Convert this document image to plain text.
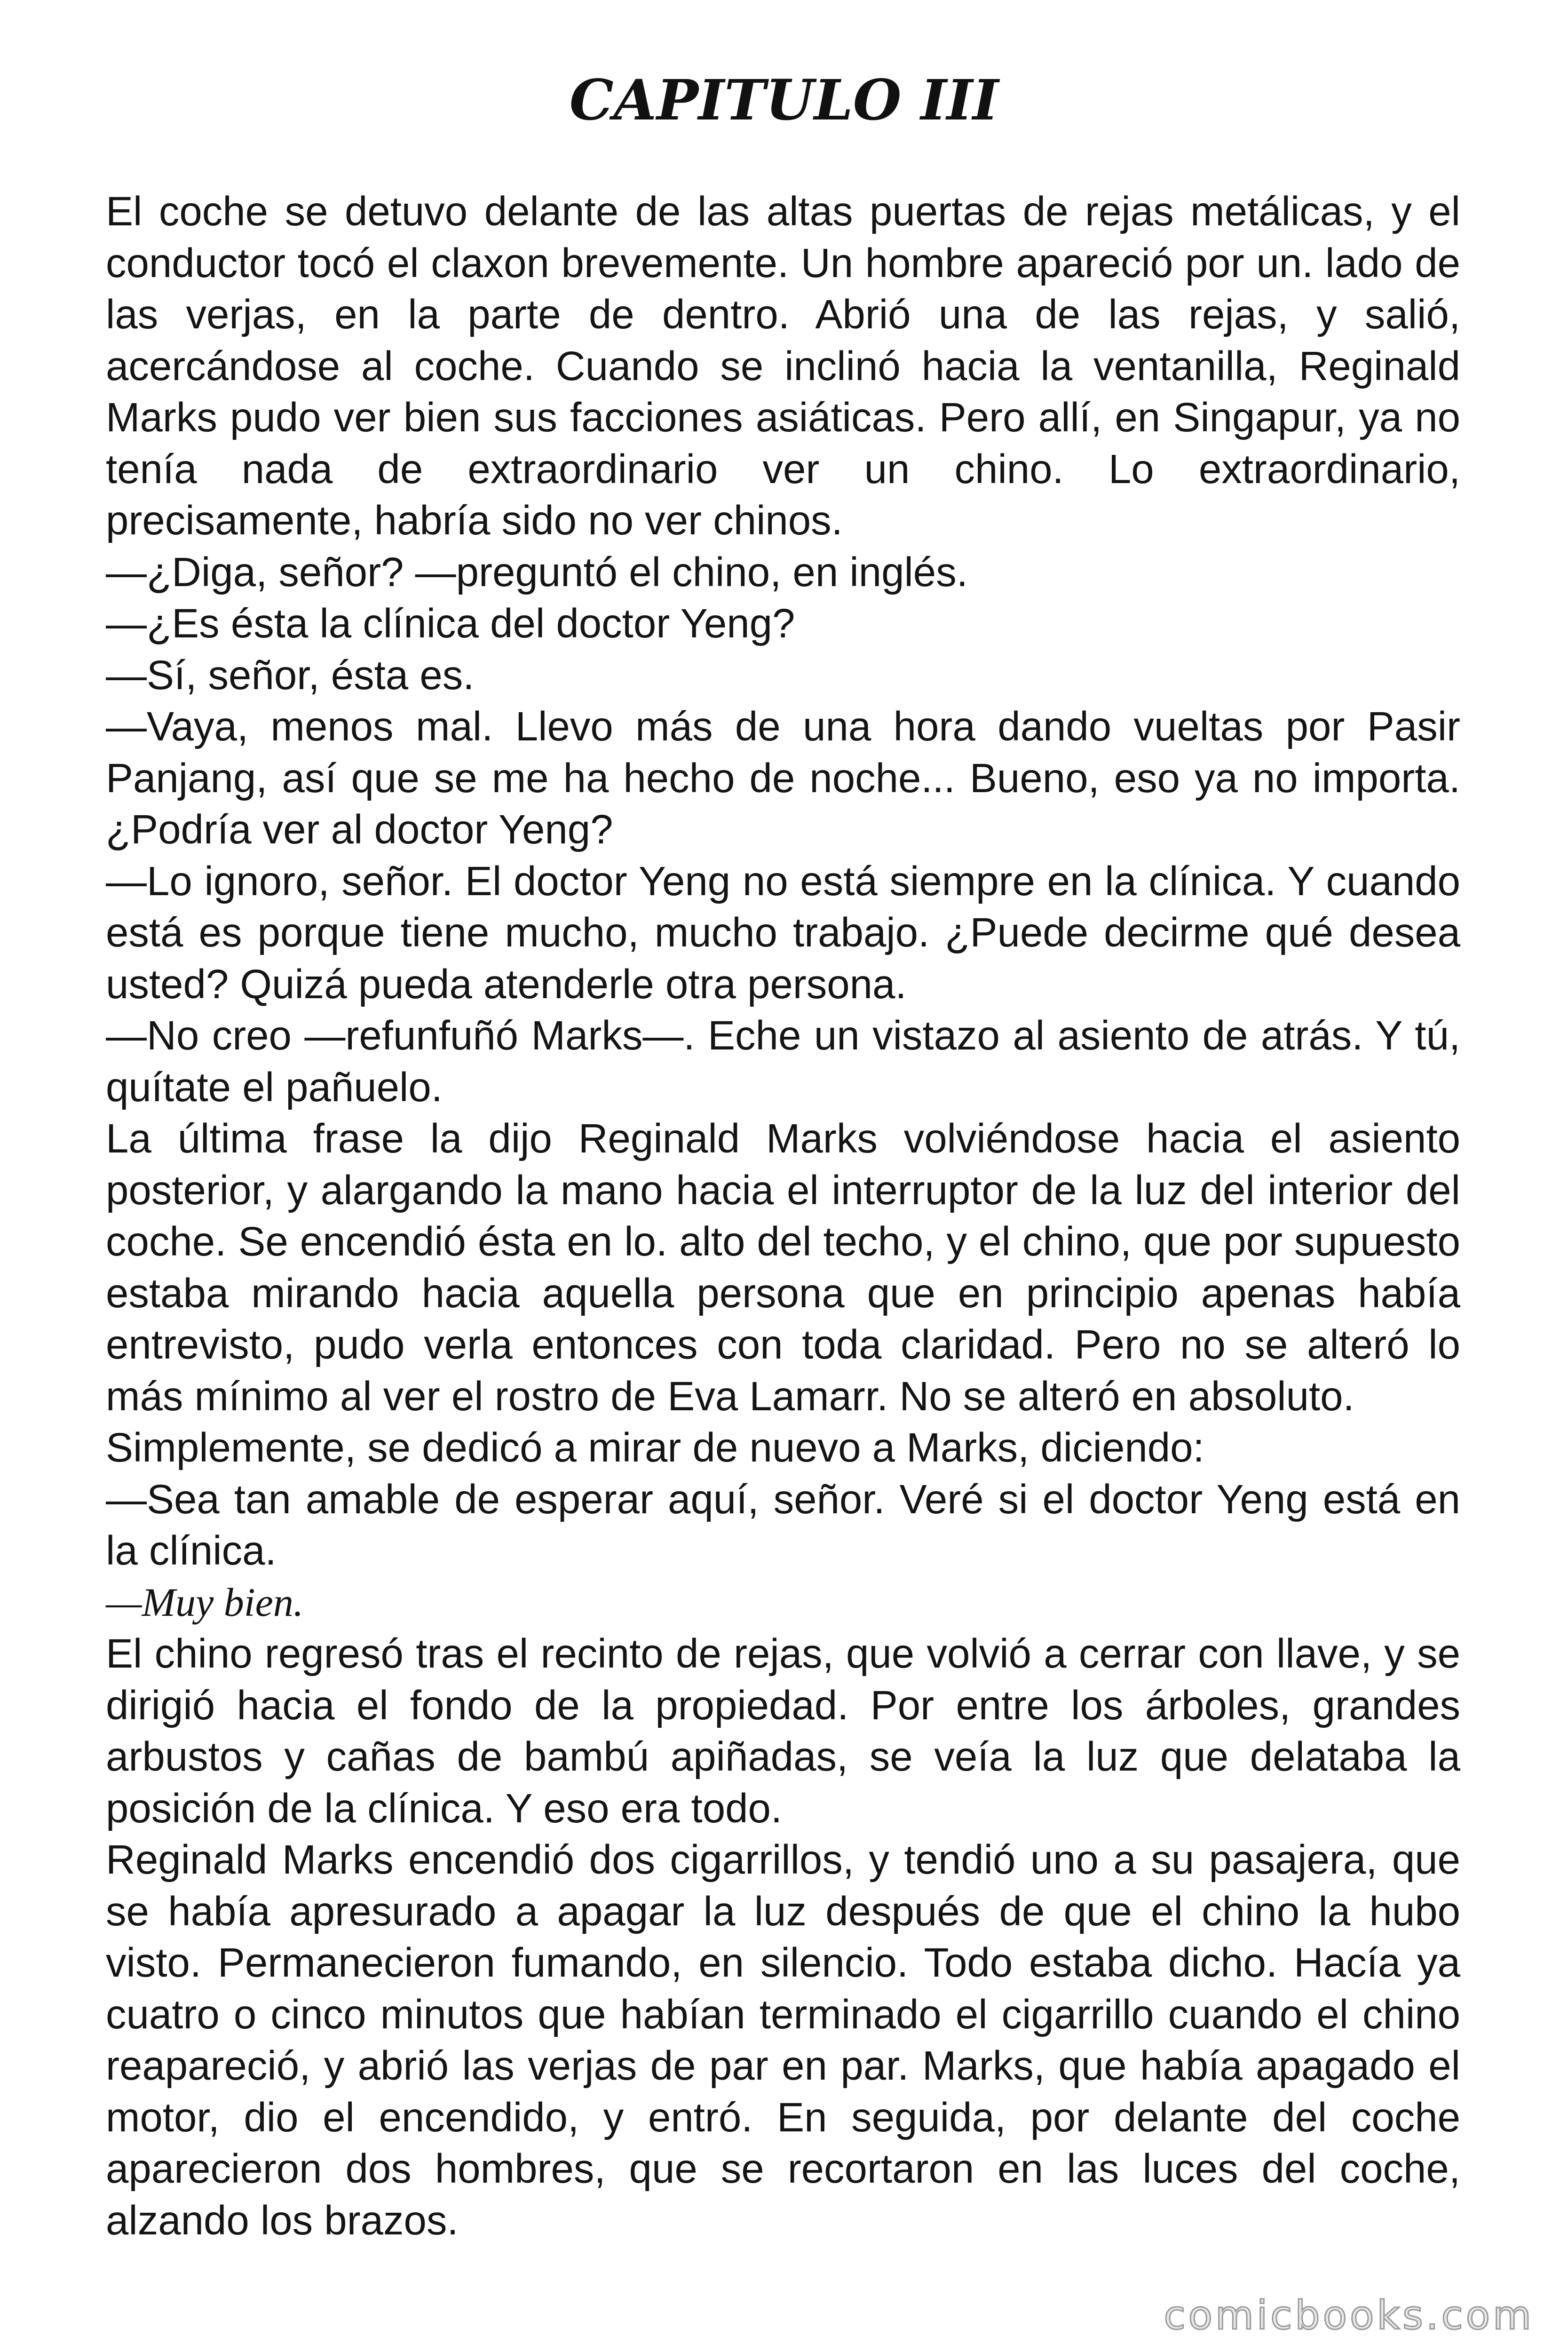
CAPITULO III

El coche se detuvo delante de las altas puertas de rejas metálicas, y el conductor tocó el claxon brevemente. Un hombre apareció por un. lado de las verjas, en la parte de dentro. Abrió una de las rejas, y salió, acercándose al coche. Cuando se inclinó hacia la ventanilla, Reginald Marks pudo ver bien sus facciones asiáticas. Pero allí, en Singapur, ya no tenía nada de extraordinario ver un chino. Lo extraordinario, precisamente, habría sido no ver chinos.

—¿Diga, señor? —preguntó el chino, en inglés.

—¿Es ésta la clínica del doctor Yeng?

—Sí, señor, ésta es.

—Vaya, menos mal. Llevo más de una hora dando vueltas por Pasir Panjang, así que se me ha hecho de noche... Bueno, eso ya no importa. ¿Podría ver al doctor Yeng?

—Lo ignoro, señor. El doctor Yeng no está siempre en la clínica. Y cuando está es porque tiene mucho, mucho trabajo. ¿Puede decirme qué desea usted? Quizá pueda atenderle otra persona.

—No creo —refunfuñó Marks—. Eche un vistazo al asiento de atrás. Y tú, quítate el pañuelo.

La última frase la dijo Reginald Marks volviéndose hacia el asiento posterior, y alargando la mano hacia el interruptor de la luz del interior del coche. Se encendió ésta en lo. alto del techo, y el chino, que por supuesto estaba mirando hacia aquella persona que en principio apenas había entrevisto, pudo verla entonces con toda claridad. Pero no se alteró lo más mínimo al ver el rostro de Eva Lamarr. No se alteró en absoluto.

Simplemente, se dedicó a mirar de nuevo a Marks, diciendo:

—Sea tan amable de esperar aquí, señor. Veré si el doctor Yeng está en la clínica.

—Muy bien.

El chino regresó tras el recinto de rejas, que volvió a cerrar con llave, y se dirigió hacia el fondo de la propiedad. Por entre los árboles, grandes arbustos y cañas de bambú apiñadas, se veía la luz que delataba la posición de la clínica. Y eso era todo.

Reginald Marks encendió dos cigarrillos, y tendió uno a su pasajera, que se había apresurado a apagar la luz después de que el chino la hubo visto. Permanecieron fumando, en silencio. Todo estaba dicho. Hacía ya cuatro o cinco minutos que habían terminado el cigarrillo cuando el chino reapareció, y abrió las verjas de par en par. Marks, que había apagado el motor, dio el encendido, y entró. En seguida, por delante del coche aparecieron dos hombres, que se recortaron en las luces del coche, alzando los brazos.

comicbooks.com
